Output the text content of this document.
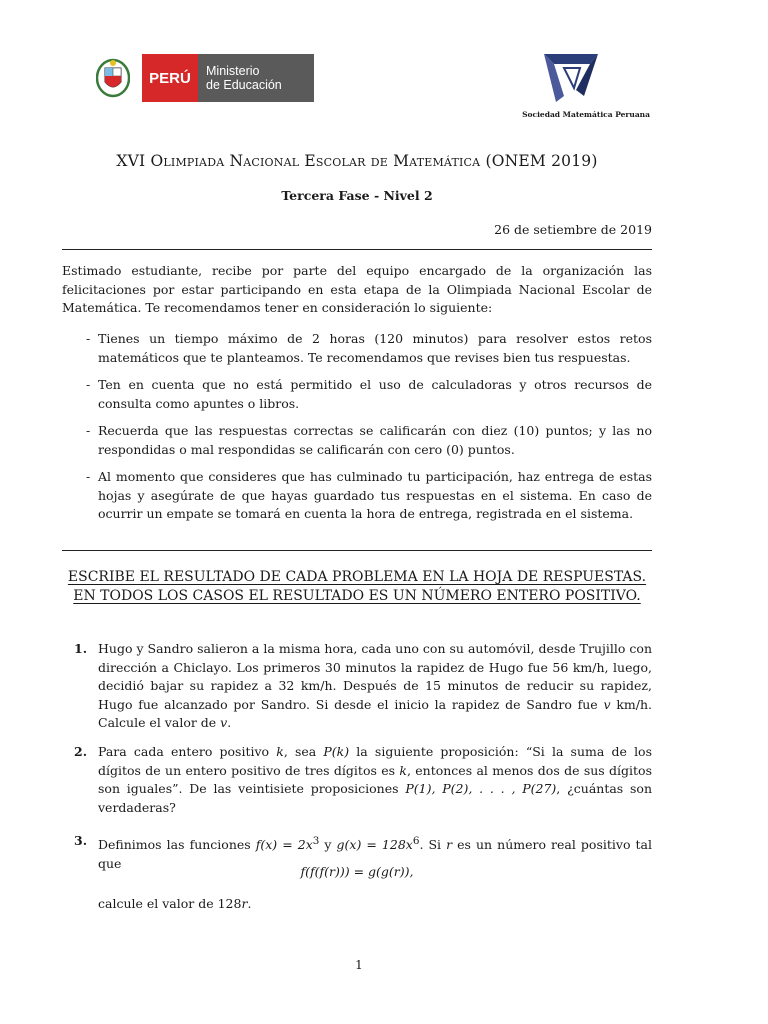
PERÚ	Ministerio
de Educación
Sociedad Matemática Peruana
XVI Olimpiada Nacional Escolar de Matemática (ONEM 2019)
Tercera Fase - Nivel 2
26 de setiembre de 2019
Estimado estudiante, recibe por parte del equipo encargado de la organización las felicitaciones por estar participando en esta etapa de la Olimpiada Nacional Escolar de Matemática. Te recomendamos tener en consideración lo siguiente:
- Tienes un tiempo máximo de 2 horas (120 minutos) para resolver estos retos matemáticos que te planteamos. Te recomendamos que revises bien tus respuestas.
- Ten en cuenta que no está permitido el uso de calculadoras y otros recursos de consulta como apuntes o libros.
- Recuerda que las respuestas correctas se calificarán con diez (10) puntos; y las no respondidas o mal respondidas se calificarán con cero (0) puntos.
- Al momento que consideres que has culminado tu participación, haz entrega de estas hojas y asegúrate de que hayas guardado tus respuestas en el sistema. En caso de ocurrir un empate se tomará en cuenta la hora de entrega, registrada en el sistema.
ESCRIBE EL RESULTADO DE CADA PROBLEMA EN LA HOJA DE RESPUESTAS.
EN TODOS LOS CASOS EL RESULTADO ES UN NÚMERO ENTERO POSITIVO.
1. Hugo y Sandro salieron a la misma hora, cada uno con su automóvil, desde Trujillo con dirección a Chiclayo. Los primeros 30 minutos la rapidez de Hugo fue 56 km/h, luego, decidió bajar su rapidez a 32 km/h. Después de 15 minutos de reducir su rapidez, Hugo fue alcanzado por Sandro. Si desde el inicio la rapidez de Sandro fue v km/h. Calcule el valor de v.
2. Para cada entero positivo k, sea P(k) la siguiente proposición: “Si la suma de los dígitos de un entero positivo de tres dígitos es k, entonces al menos dos de sus dígitos son iguales”. De las veintisiete proposiciones P(1), P(2), . . . , P(27), ¿cuántas son verdaderas?
3. Definimos las funciones $f(x) = 2x^3$ y $g(x) = 128x^6$. Si r es un número real positivo tal que
f(f(f(r))) = g(g(r)),
calcule el valor de 128r.
1
